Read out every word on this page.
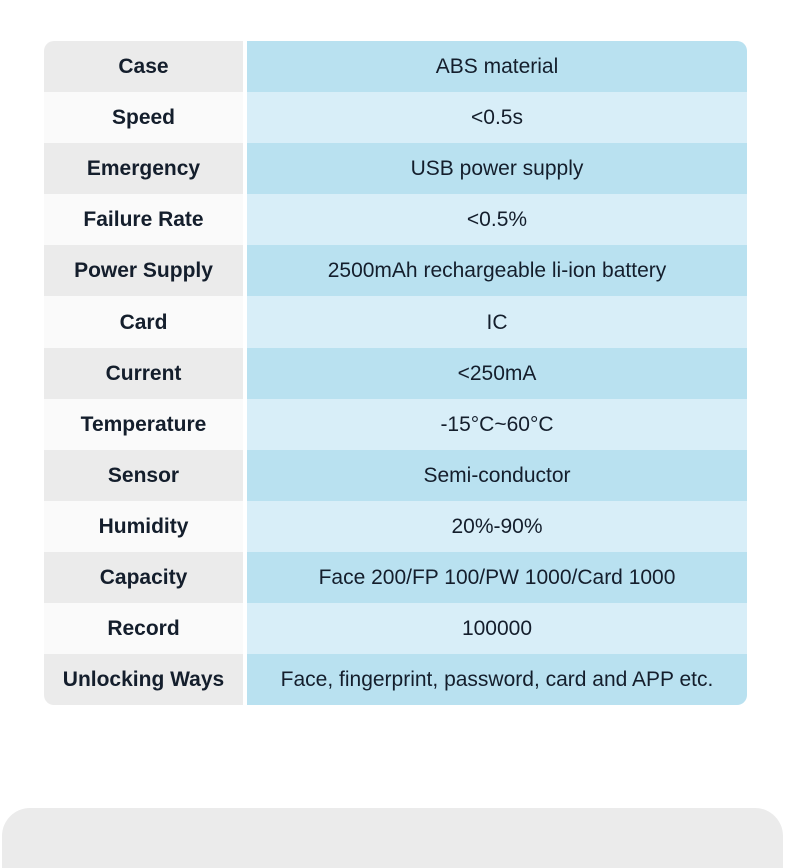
Case	ABS material
Speed	<0.5s
Emergency	USB power supply
Failure Rate	<0.5%
Power Supply	2500mAh rechargeable li-ion battery
Card	IC
Current	<250mA
Temperature	-15°C~60°C
Sensor	Semi-conductor
Humidity	20%-90%
Capacity	Face 200/FP 100/PW 1000/Card 1000
Record	100000
Unlocking Ways	Face, fingerprint, password, card and APP etc.
